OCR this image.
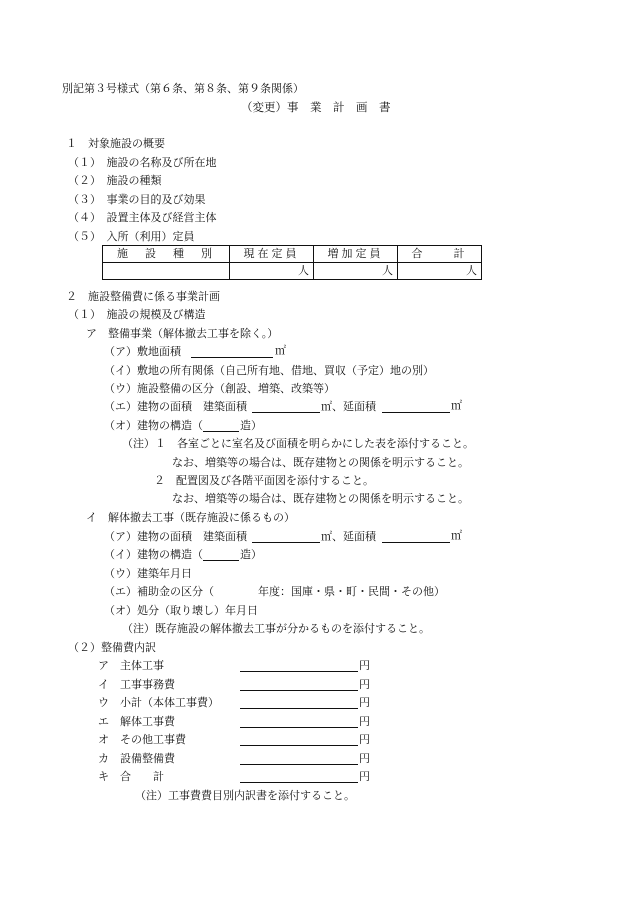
別記第３号様式（第６条、第８条、第９条関係）
（変更）事　業　計　画　書
１　対象施設の概要
（１）　施設の名称及び所在地
（２）　施設の種類
（３）　事業の目的及び効果
（４）　設置主体及び経営主体
（５）　入所（利用）定員
施　設　種　別	現在定員	増加定員	合　　計
	人	人	人
２　施設整備費に係る事業計画
（１）　施設の規模及び構造
ア　整備事業（解体撤去工事を除く。）
（ア）敷地面積	㎡
（イ）敷地の所有関係（自己所有地、借地、買収（予定）地の別）
（ウ）施設整備の区分（創設、増築、改築等）
（エ）建物の面積　建築面積	㎡、延面積	㎡
（オ）建物の構造（	造）
（注）１　各室ごとに室名及び面積を明らかにした表を添付すること。
なお、増築等の場合は、既存建物との関係を明示すること。
２　配置図及び各階平面図を添付すること。
なお、増築等の場合は、既存建物との関係を明示すること。
イ　解体撤去工事（既存施設に係るもの）
（ア）建物の面積　建築面積	㎡、延面積	㎡
（イ）建物の構造（	造）
（ウ）建築年月日
（エ）補助金の区分（　　　　年度：国庫・県・町・民間・その他）
（オ）処分（取り壊し）年月日
（注）既存施設の解体撤去工事が分かるものを添付すること。
（２）整備費内訳
ア　主体工事	円
イ　工事事務費	円
ウ　小計（本体工事費）	円
エ　解体工事費	円
オ　その他工事費	円
カ　設備整備費	円
キ　合　　計	円
（注）工事費費目別内訳書を添付すること。
